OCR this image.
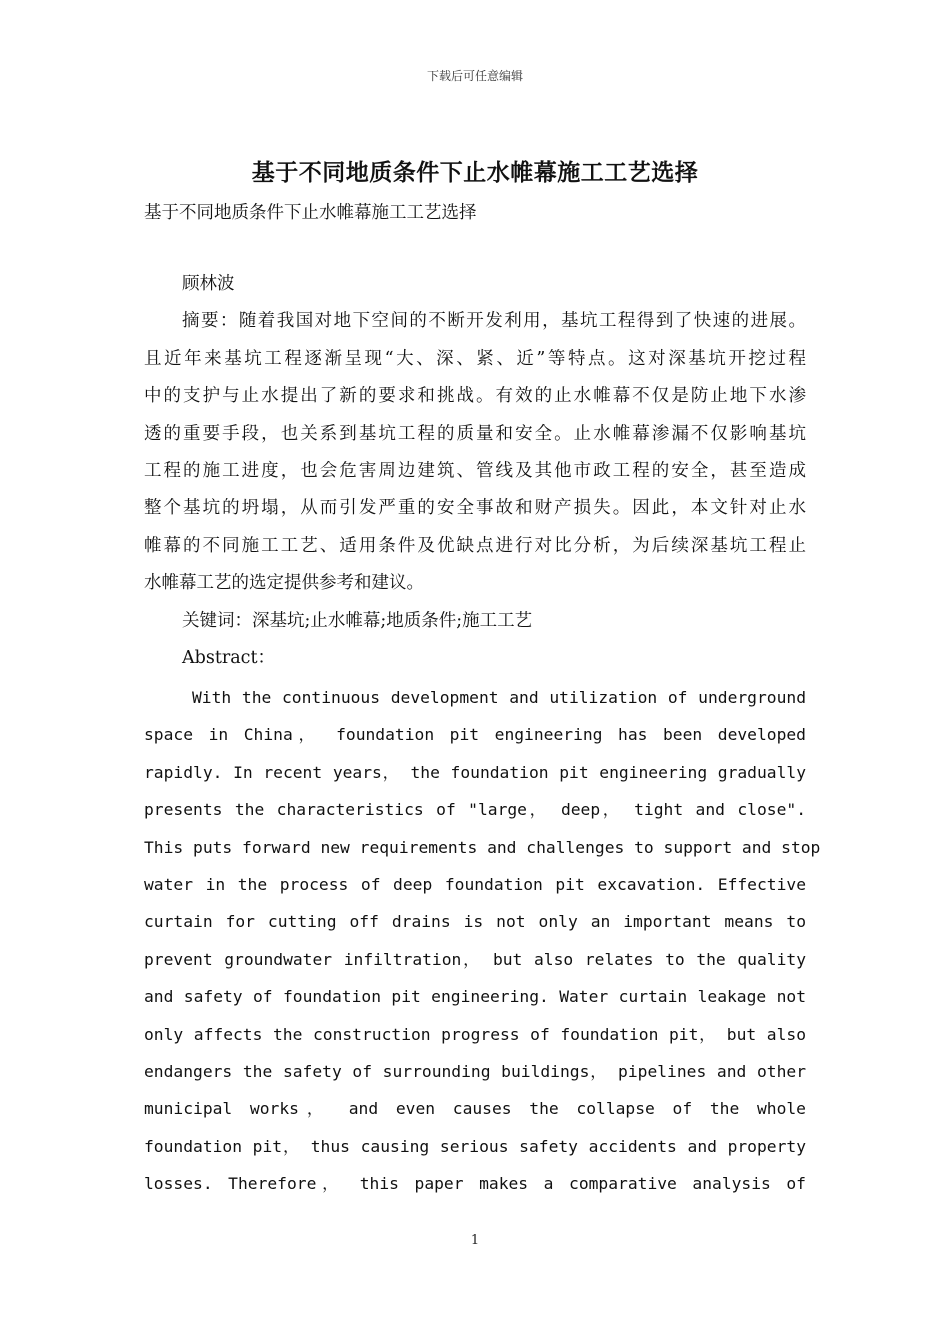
下载后可任意编辑
基于不同地质条件下止水帷幕施工工艺选择
基于不同地质条件下止水帷幕施工工艺选择
顾林波
摘要：随着我国对地下空间的不断开发利用，基坑工程得到了快速的进展。
且近年来基坑工程逐渐呈现“大、深、紧、近”等特点。这对深基坑开挖过程
中的支护与止水提出了新的要求和挑战。有效的止水帷幕不仅是防止地下水渗
透的重要手段，也关系到基坑工程的质量和安全。止水帷幕渗漏不仅影响基坑
工程的施工进度，也会危害周边建筑、管线及其他市政工程的安全，甚至造成
整个基坑的坍塌，从而引发严重的安全事故和财产损失。因此，本文针对止水
帷幕的不同施工工艺、适用条件及优缺点进行对比分析，为后续深基坑工程止
水帷幕工艺的选定提供参考和建议。
关键词：深基坑;止水帷幕;地质条件;施工工艺
Abstract：
With the continuous development and utilization of underground
space in China， foundation pit engineering has been developed
rapidly. In recent years， the foundation pit engineering gradually
presents the characteristics of "large， deep， tight and close".
This puts forward new requirements and challenges to support and stop
water in the process of deep foundation pit excavation. Effective
curtain for cutting off drains is not only an important means to
prevent groundwater infiltration， but also relates to the quality
and safety of foundation pit engineering. Water curtain leakage not
only affects the construction progress of foundation pit， but also
endangers the safety of surrounding buildings， pipelines and other
municipal works， and even causes the collapse of the whole
foundation pit， thus causing serious safety accidents and property
losses. Therefore， this paper makes a comparative analysis of
1
